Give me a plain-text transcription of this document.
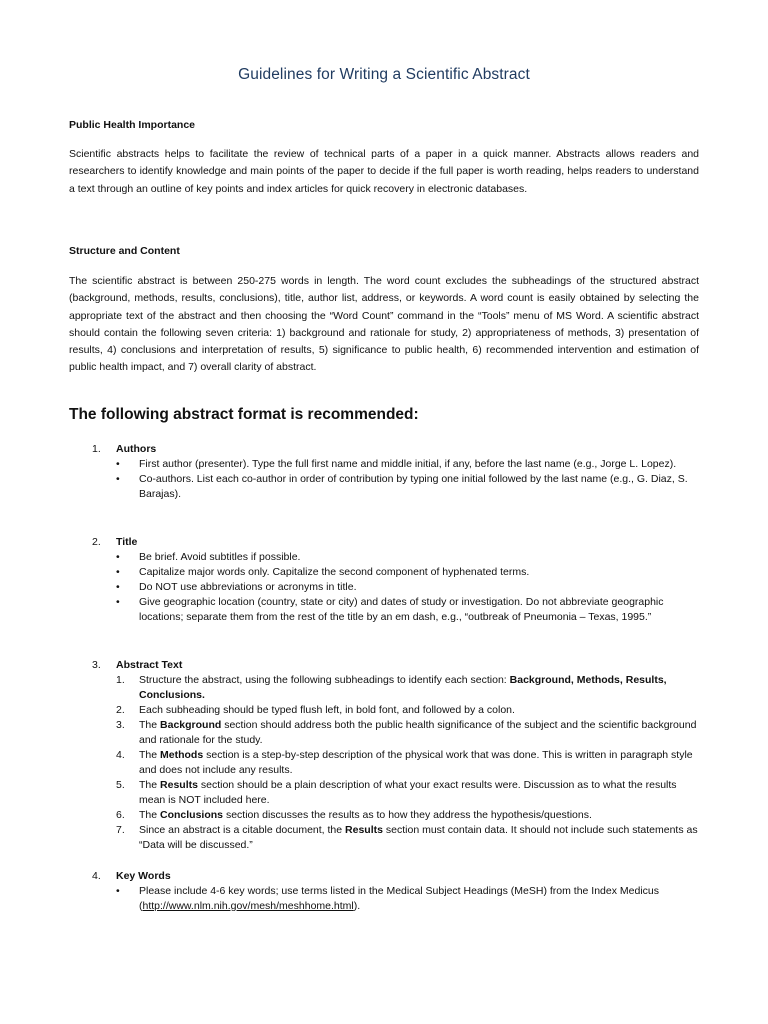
Guidelines for Writing a Scientific Abstract
Public Health Importance
Scientific abstracts helps to facilitate the review of technical parts of a paper in a quick manner. Abstracts allows readers and researchers to identify knowledge and main points of the paper to decide if the full paper is worth reading, helps readers to understand a text through an outline of key points and index articles for quick recovery in electronic databases.
Structure and Content
The scientific abstract is between 250-275 words in length. The word count excludes the subheadings of the structured abstract (background, methods, results, conclusions), title, author list, address, or keywords. A word count is easily obtained by selecting the appropriate text of the abstract and then choosing the “Word Count” command in the “Tools” menu of MS Word. A scientific abstract should contain the following seven criteria: 1) background and rationale for study, 2) appropriateness of methods, 3) presentation of results, 4) conclusions and interpretation of results, 5) significance to public health, 6) recommended intervention and estimation of public health impact, and 7) overall clarity of abstract.
The following abstract format is recommended:
1.	Authors
• First author (presenter). Type the full first name and middle initial, if any, before the last name (e.g., Jorge L. Lopez).
• Co-authors. List each co-author in order of contribution by typing one initial followed by the last name (e.g., G. Diaz, S. Barajas).
2.	Title
• Be brief. Avoid subtitles if possible.
• Capitalize major words only. Capitalize the second component of hyphenated terms.
• Do NOT use abbreviations or acronyms in title.
• Give geographic location (country, state or city) and dates of study or investigation. Do not abbreviate geographic locations; separate them from the rest of the title by an em dash, e.g., “outbreak of Pneumonia – Texas, 1995.”
3.	Abstract Text
1. Structure the abstract, using the following subheadings to identify each section: Background, Methods, Results, Conclusions.
2. Each subheading should be typed flush left, in bold font, and followed by a colon.
3. The Background section should address both the public health significance of the subject and the scientific background and rationale for the study.
4. The Methods section is a step-by-step description of the physical work that was done. This is written in paragraph style and does not include any results.
5. The Results section should be a plain description of what your exact results were. Discussion as to what the results mean is NOT included here.
6. The Conclusions section discusses the results as to how they address the hypothesis/questions.
7. Since an abstract is a citable document, the Results section must contain data. It should not include such statements as “Data will be discussed.”
4.	Key Words
• Please include 4-6 key words; use terms listed in the Medical Subject Headings (MeSH) from the Index Medicus (http://www.nlm.nih.gov/mesh/meshhome.html).
